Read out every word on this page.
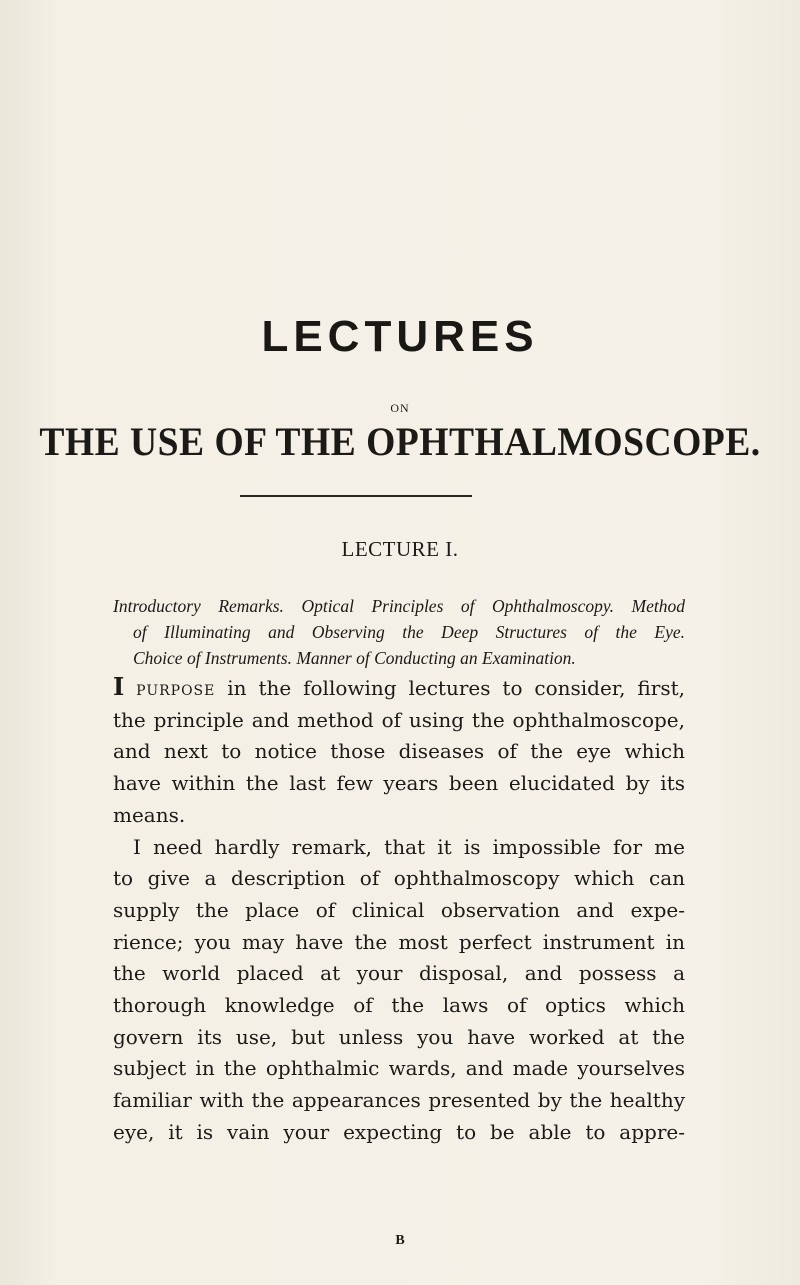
LECTURES
ON
THE USE OF THE OPHTHALMOSCOPE.
LECTURE I.
Introductory Remarks. Optical Principles of Ophthalmoscopy. Method
of Illuminating and Observing the Deep Structures of the Eye.
Choice of Instruments. Manner of Conducting an Examination.
I purpose in the following lectures to consider, first,
the principle and method of using the ophthalmoscope,
and next to notice those diseases of the eye which
have within the last few years been elucidated by its
means.
I need hardly remark, that it is impossible for me
to give a description of ophthalmoscopy which can
supply the place of clinical observation and expe-
rience; you may have the most perfect instrument in
the world placed at your disposal, and possess a
thorough knowledge of the laws of optics which
govern its use, but unless you have worked at the
subject in the ophthalmic wards, and made yourselves
familiar with the appearances presented by the healthy
eye, it is vain your expecting to be able to appre-
B
